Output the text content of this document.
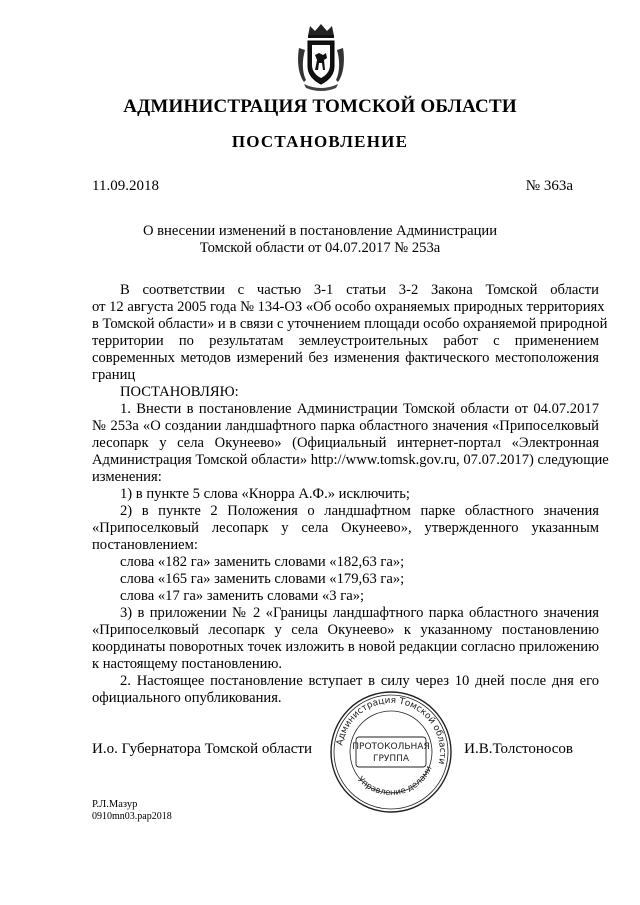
АДМИНИСТРАЦИЯ ТОМСКОЙ ОБЛАСТИ
ПОСТАНОВЛЕНИЕ
11.09.2018	№ 363а
О внесении изменений в постановление Администрации
Томской области от 04.07.2017 № 253а
В соответствии с частью 3-1 статьи 3-2 Закона Томской области
от 12 августа 2005 года № 134-ОЗ «Об особо охраняемых природных территориях
в Томской области» и в связи с уточнением площади особо охраняемой природной
территории по результатам землеустроительных работ с применением
современных методов измерений без изменения фактического местоположения
границ
ПОСТАНОВЛЯЮ:
1. Внести в постановление Администрации Томской области от 04.07.2017
№ 253а «О создании ландшафтного парка областного значения «Припоселковый
лесопарк у села Окунеево» (Официальный интернет-портал «Электронная
Администрация Томской области» http://www.tomsk.gov.ru, 07.07.2017) следующие
изменения:
1) в пункте 5 слова «Кнорра А.Ф.» исключить;
2) в пункте 2 Положения о ландшафтном парке областного значения
«Припоселковый лесопарк у села Окунеево», утвержденного указанным
постановлением:
слова «182 га» заменить словами «182,63 га»;
слова «165 га» заменить словами «179,63 га»;
слова «17 га» заменить словами «3 га»;
3) в приложении № 2 «Границы ландшафтного парка областного значения
«Припоселковый лесопарк у села Окунеево» к указанному постановлению
координаты поворотных точек изложить в новой редакции согласно приложению
к настоящему постановлению.
2. Настоящее постановление вступает в силу через 10 дней после дня его
официального опубликования.
И.о. Губернатора Томской области	И.В.Толстоносов
Администрация Томской области
Управление делами
ПРОТОКОЛЬНАЯ
ГРУППА
Р.Л.Мазур
0910mn03.pap2018
